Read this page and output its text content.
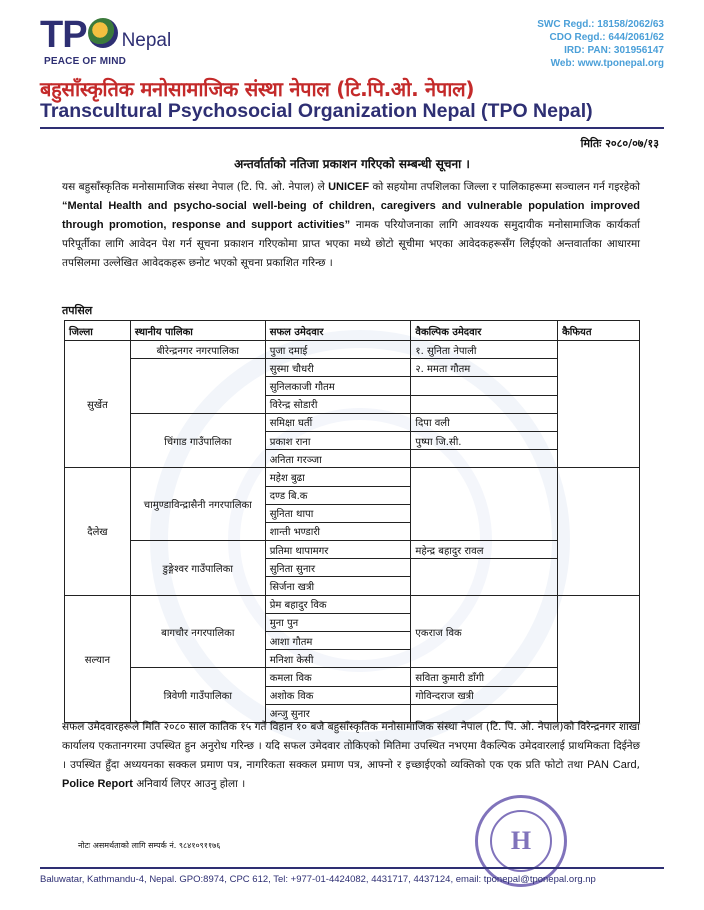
TP Nepal
PEACE OF MIND
SWC Regd.: 18158/2062/63
CDO Regd.: 644/2061/62
IRD: PAN: 301956147
Web: www.tponepal.org
बहुसाँस्कृतिक मनोसामाजिक संस्था नेपाल (टि.पि.ओ. नेपाल)
Transcultural Psychosocial Organization Nepal (TPO Nepal)
मितिः २०८०/०७/१३
अन्तर्वार्ताको नतिजा प्रकाशन गरिएको सम्बन्धी सूचना ।
यस बहुसाँस्कृतिक मनोसामाजिक संस्था नेपाल (टि. पि. ओ. नेपाल) ले UNICEF को सहयोमा तपशिलका जिल्ला र पालिकाहरूमा सञ्चालन गर्न गइरहेको “Mental Health and psycho-social well-being of children, caregivers and vulnerable population improved through promotion, response and support activities” नामक परियोजनाका लागि आवश्यक समुदायीक मनोसामाजिक कार्यकर्ता परिपूर्तीका लागि आवेदन पेश गर्न सूचना प्रकाशन गरिएकोमा प्राप्त भएका मध्ये छोटो सूचीमा भएका आवेदकहरूसँग लिईएको अन्तवार्ताका आधारमा तपसिलमा उल्लेखित आवेदकहरू छनोट भएको सूचना प्रकाशित गरिन्छ ।
तपसिल
जिल्ला	स्थानीय पालिका	सफल उमेदवार	वैकल्पिक उमेदवार	कैफियत
सुर्खेत	बीरेन्द्रनगर नगरपालिका	पुजा दमाई	१. सुनिता नेपाली	
		सुस्मा चौधरी	२. ममता गौतम	
		सुनिलकाजी गौतम		
		विरेन्द्र सोडारी		
	चिंगाड गाउँपालिका	समिक्षा घर्ती	दिपा वली	
		प्रकाश राना	पुष्पा जि.सी.	
		अनिता गरञ्जा		
दैलेख	चामुण्डाविन्द्रासैनी नगरपालिका	महेश बुढा		
		दण्ड बि.क		
		सुनिता थापा		
		शान्ती भण्डारी		
	डुङ्गेश्वर गाउँपालिका	प्रतिमा थापामगर	महेन्द्र बहादुर रावल	
		सुनिता सुनार		
		सिर्जना खत्री		
सल्यान	बागचौर नगरपालिका	प्रेम बहादुर विक	एकराज विक	
		मुना पुन		
		आशा गौतम		
		मनिशा केसी		
	त्रिवेणी गाउँपालिका	कमला विक	सविता कुमारी डाँगी	
		अशोक विक	गोविन्दराज खत्री	
		अन्जु सुनार		
सफल उमेदवारहरूले मिति २०८० साल कातिक १५ गते विहान १० बजे बहुसाँस्कृतिक मनोसामाजिक संस्था नेपाल (टि. पि. ओ. नेपाल)को विरेन्द्रनगर शाखा कार्यालय एकतानगरमा उपस्थित हुन अनुरोध गरिन्छ । यदि सफल उमेदवार तोकिएको मितिमा उपस्थित नभएमा वैकल्पिक उमेदवारलाई प्राथमिकता दिईनेछ । उपस्थित हुँदा अध्ययनका सक्कल प्रमाण पत्र, नागरिकता सक्कल प्रमाण पत्र, आफ्नो र इच्छाईएको व्यक्तिको एक एक प्रति फोटो तथा PAN Card, Police Report अनिवार्य लिएर आउनु होला ।
नोटः असमर्थताको लागि सम्पर्क नं. ९८४१०९११७६	H
Baluwatar, Kathmandu-4, Nepal. GPO:8974, CPC 612, Tel: +977-01-4424082, 4431717, 4437124, email: tponepal@tponepal.org.np
